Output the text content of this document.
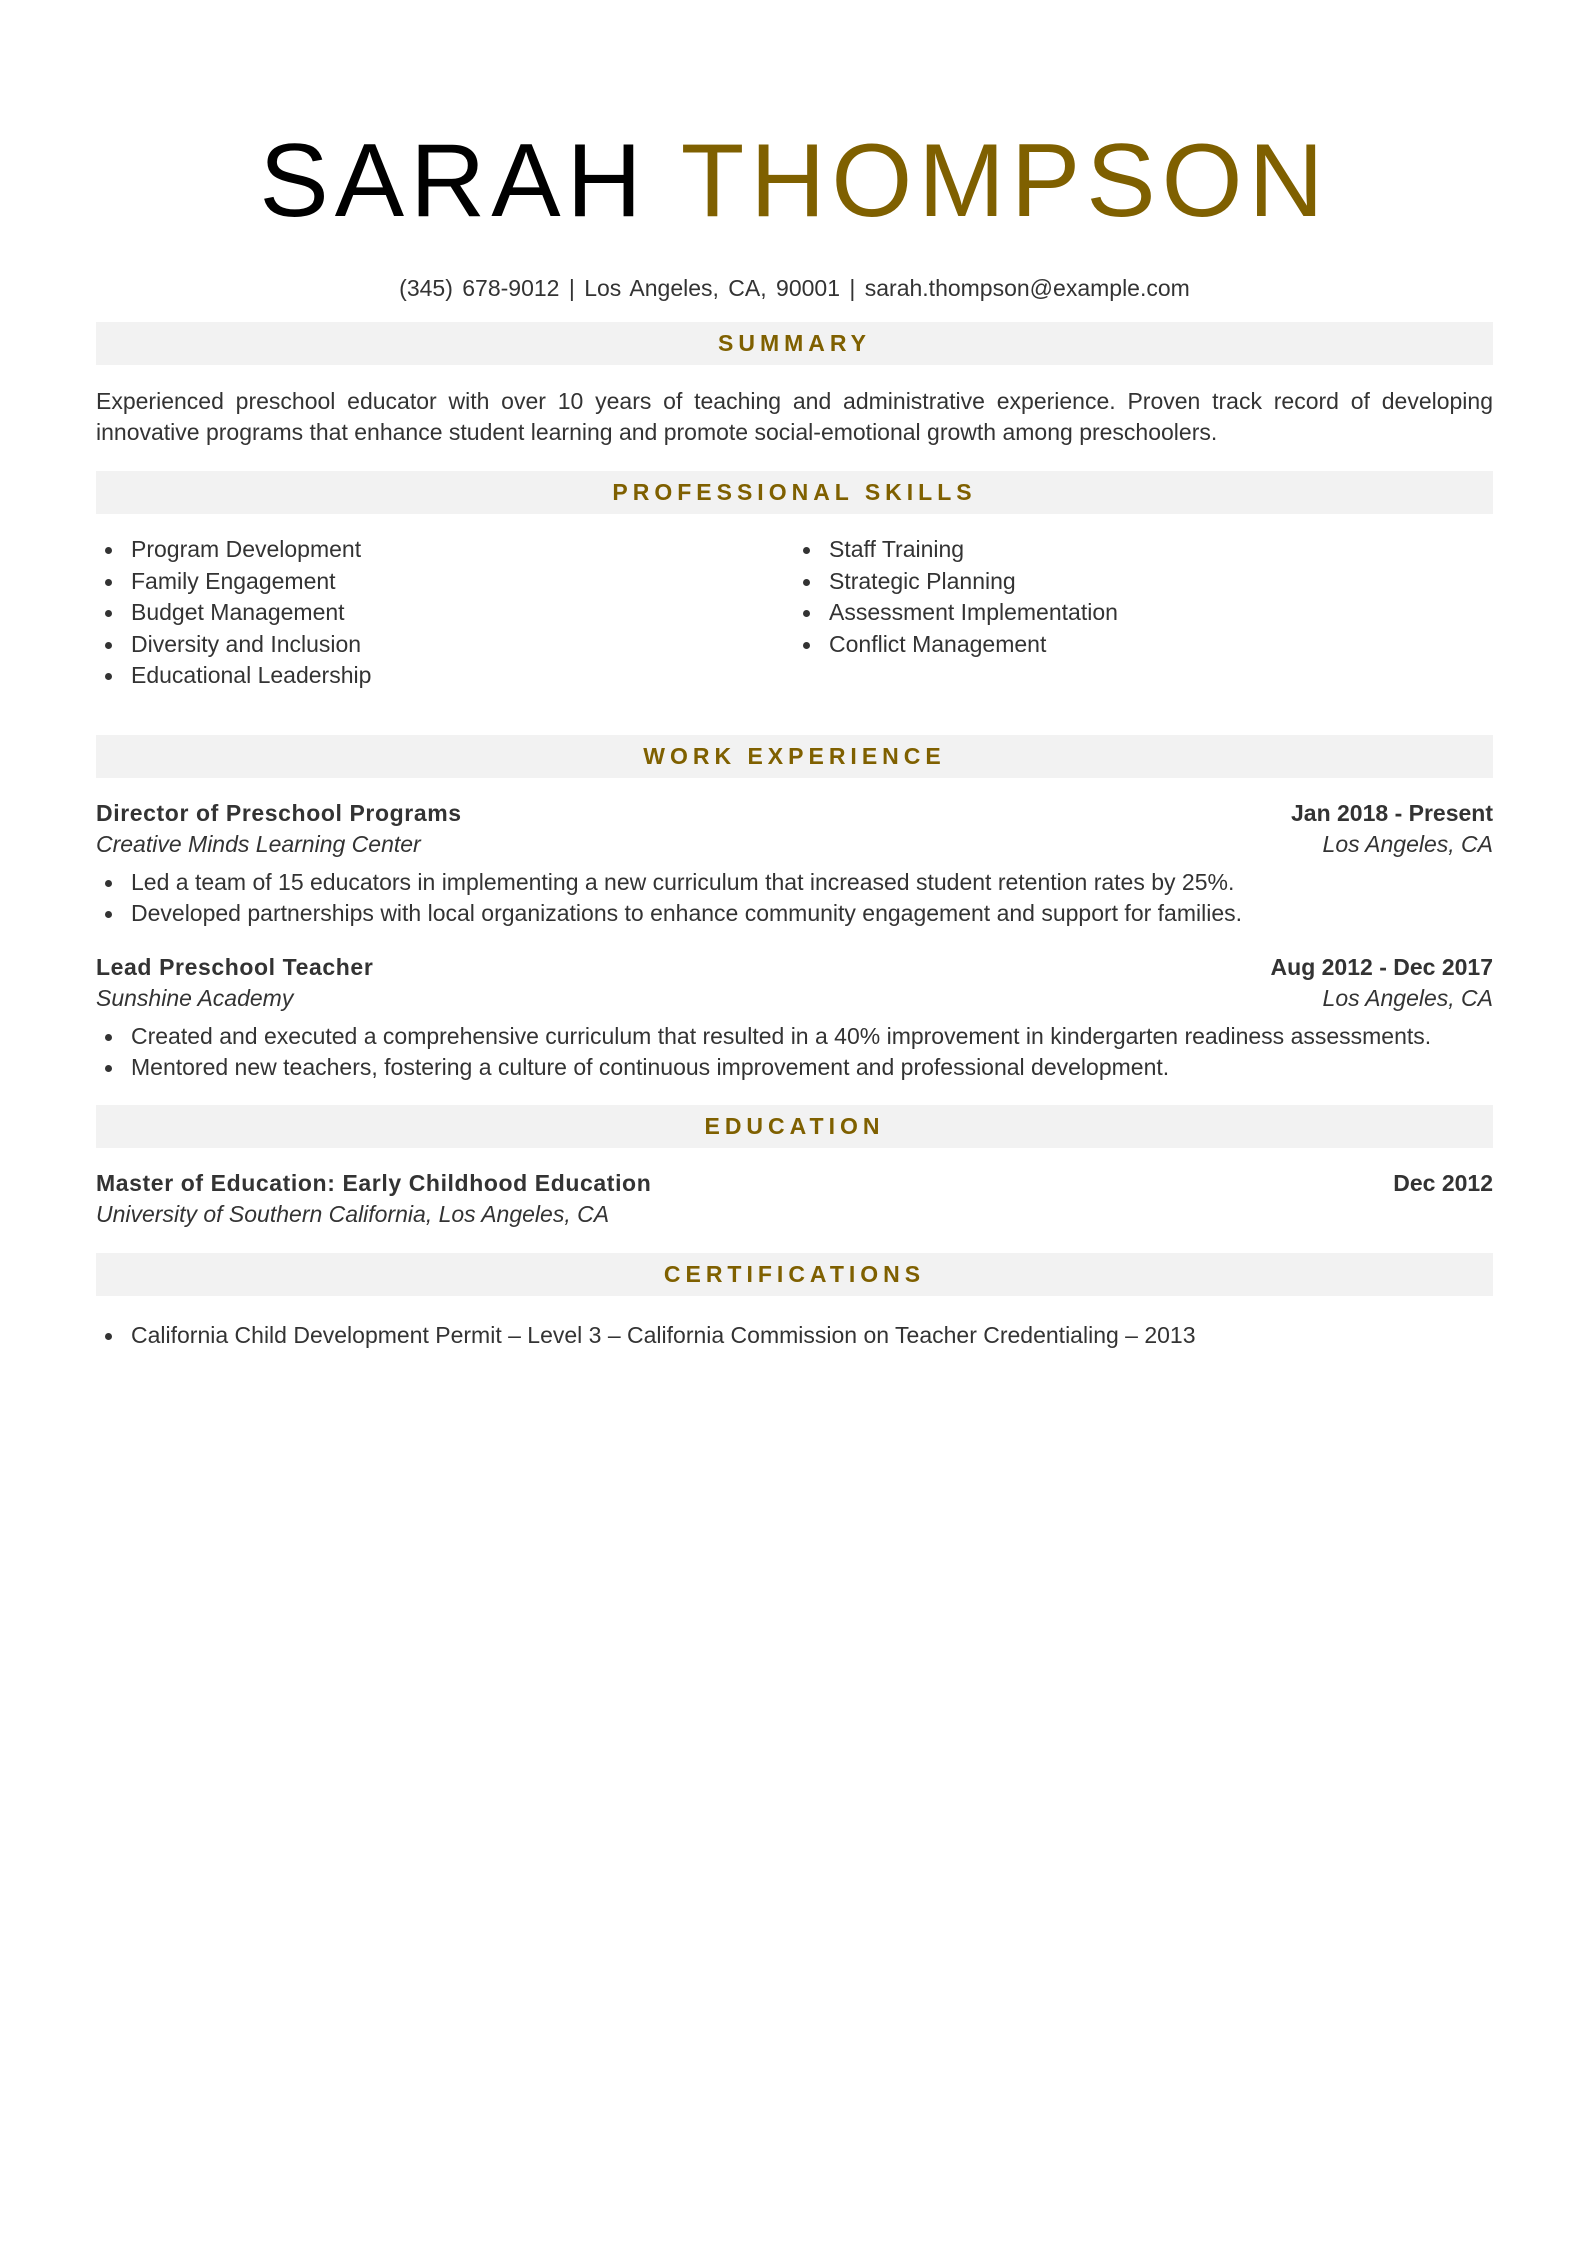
SARAH THOMPSON
(345) 678-9012 | Los Angeles, CA, 90001 | sarah.thompson@example.com
SUMMARY

Experienced preschool educator with over 10 years of teaching and administrative experience. Proven track record of developing innovative programs that enhance student learning and promote social-emotional growth among preschoolers.

PROFESSIONAL SKILLS
Program Development
Family Engagement
Budget Management
Diversity and Inclusion
Educational Leadership
Staff Training
Strategic Planning
Assessment Implementation
Conflict Management
WORK EXPERIENCE
Director of Preschool Programs	Jan 2018 - Present
Creative Minds Learning Center	Los Angeles, CA
Led a team of 15 educators in implementing a new curriculum that increased student retention rates by 25%.
Developed partnerships with local organizations to enhance community engagement and support for families.
Lead Preschool Teacher	Aug 2012 - Dec 2017
Sunshine Academy	Los Angeles, CA
Created and executed a comprehensive curriculum that resulted in a 40% improvement in kindergarten readiness assessments.
Mentored new teachers, fostering a culture of continuous improvement and professional development.
EDUCATION
Master of Education: Early Childhood Education	Dec 2012
University of Southern California, Los Angeles, CA
CERTIFICATIONS
California Child Development Permit – Level 3 – California Commission on Teacher Credentialing – 2013
